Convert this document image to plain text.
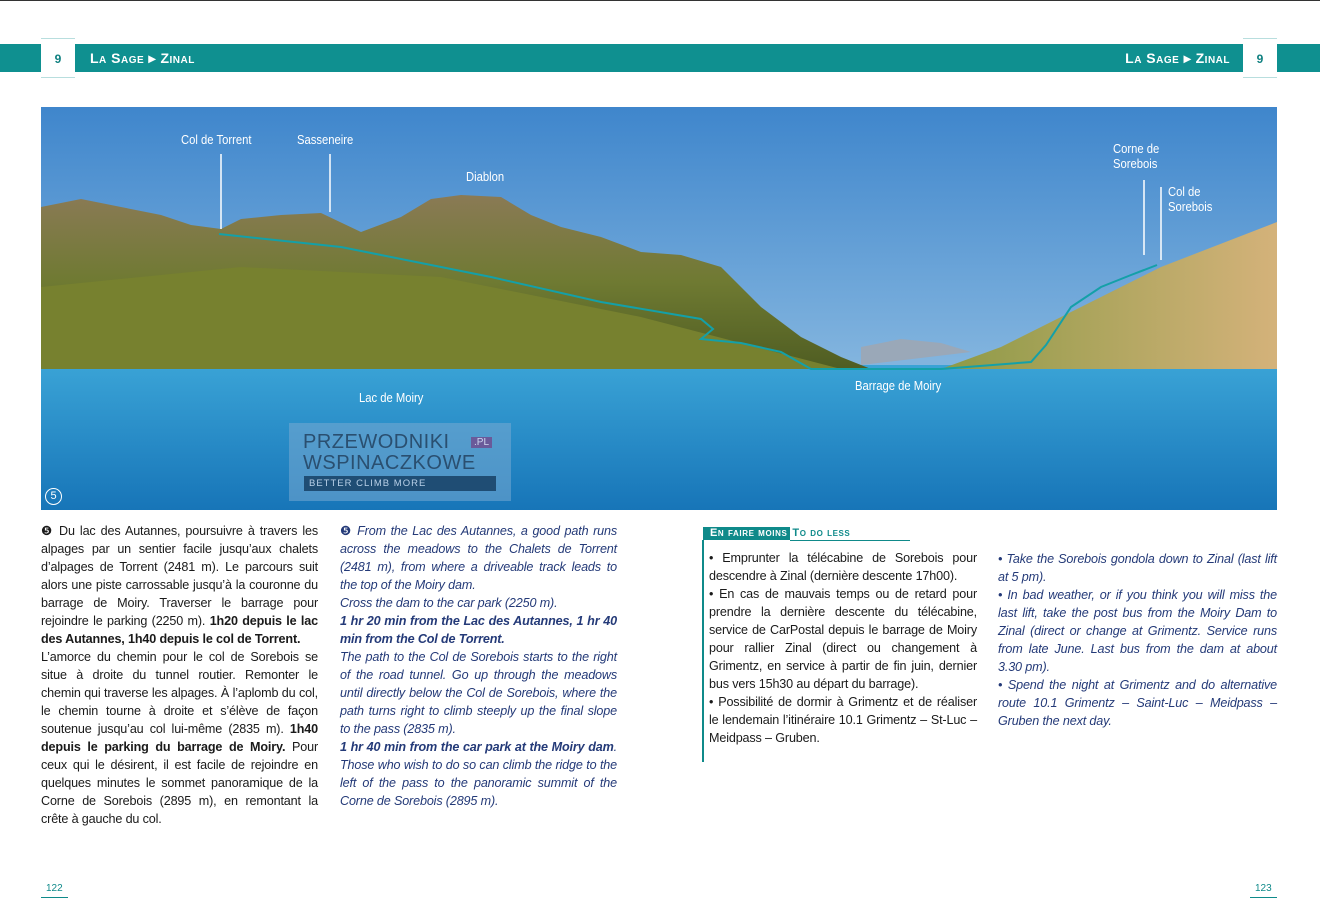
9	La Sage ▸ Zinal	La Sage ▸ Zinal	9
Col de Torrent	Sasseneire
Diablon
Corne de Sorebois
Col de Sorebois
Lac de Moiry
Barrage de Moiry
PRZEWODNIKI	.PL
WSPINACZKOWE
BETTER CLIMB MORE
5

❺ Du lac des Autannes, poursuivre à travers les alpages par un sentier facile jusqu’aux chalets d’alpages de Torrent (2481 m). Le parcours suit alors une piste carrossable jusqu’à la couronne du barrage de Moiry. Traverser le barrage pour rejoindre le parking (2250 m). 1h20 depuis le lac des Autannes, 1h40 depuis le col de Torrent.

L’amorce du chemin pour le col de Sorebois se situe à droite du tunnel routier. Remonter le chemin qui traverse les alpages. À l’aplomb du col, le chemin tourne à droite et s’élève de façon soutenue jusqu’au col lui-même (2835 m). 1h40 depuis le parking du barrage de Moiry. Pour ceux qui le désirent, il est facile de rejoindre en quelques minutes le sommet panoramique de la Corne de Sorebois (2895 m), en remontant la crête à gauche du col.

❺ From the Lac des Autannes, a good path runs across the meadows to the Chalets de Torrent (2481 m), from where a driveable track leads to the top of the Moiry dam.

Cross the dam to the car park (2250 m).

1 hr 20 min from the Lac des Autannes, 1 hr 40 min from the Col de Torrent.

The path to the Col de Sorebois starts to the right of the road tunnel. Go up through the meadows until directly below the Col de Sorebois, where the path turns right to climb steeply up the final slope to the pass (2835 m).

1 hr 40 min from the car park at the Moiry dam. Those who wish to do so can climb the ridge to the left of the pass to the panoramic summit of the Corne de Sorebois (2895 m).

En faire moins To do less

• Emprunter la télécabine de Sorebois pour descendre à Zinal (dernière descente 17h00).

• En cas de mauvais temps ou de retard pour prendre la dernière descente du télécabine, service de CarPostal depuis le barrage de Moiry pour rallier Zinal (direct ou changement à Grimentz, en service à partir de fin juin, dernier bus vers 15h30 au départ du barrage).

• Possibilité de dormir à Grimentz et de réaliser le lendemain l’itinéraire 10.1 Grimentz – St-Luc – Meidpass – Gruben.

• Take the Sorebois gondola down to Zinal (last lift at 5 pm).

• In bad weather, or if you think you will miss the last lift, take the post bus from the Moiry Dam to Zinal (direct or change at Grimentz. Service runs from late June. Last bus from the dam at about 3.30 pm).

• Spend the night at Grimentz and do alternative route 10.1 Grimentz – Saint-Luc – Meidpass – Gruben the next day.

122	123
